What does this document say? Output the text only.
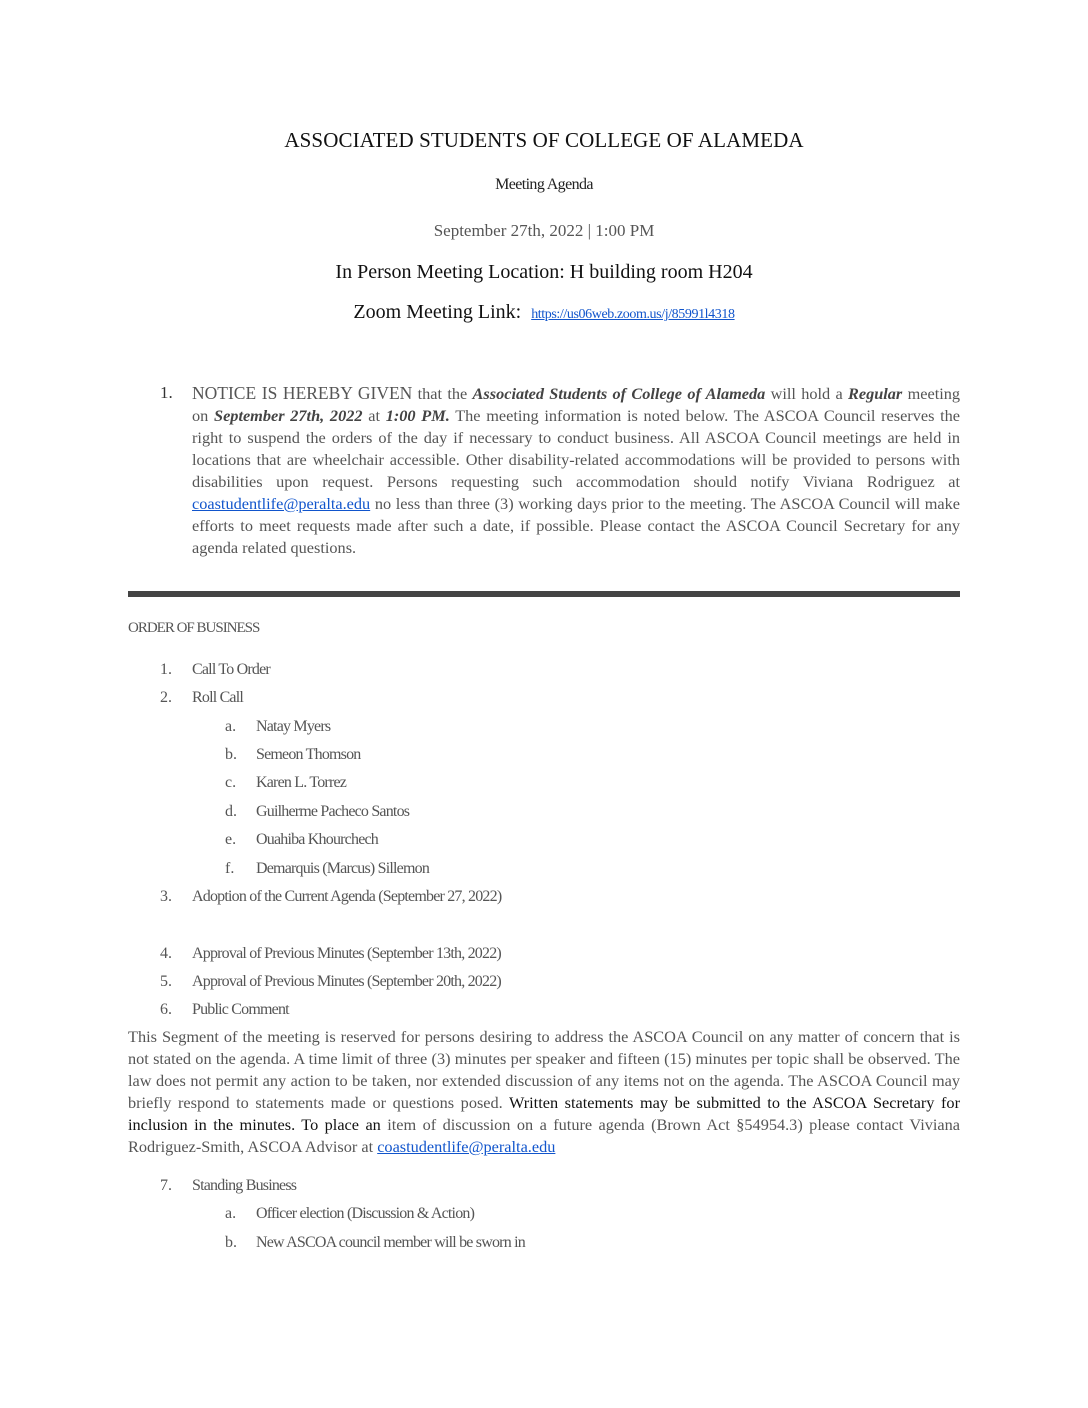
ASSOCIATED STUDENTS OF COLLEGE OF ALAMEDA
Meeting Agenda
September 27th, 2022 | 1:00 PM
In Person Meeting Location: H building room H204
Zoom Meeting Link: https://us06web.zoom.us/j/85991l4318
1. NOTICE IS HEREBY GIVEN that the Associated Students of College of Alameda will hold a Regular meeting on September 27th, 2022 at 1:00 PM. The meeting information is noted below. The ASCOA Council reserves the right to suspend the orders of the day if necessary to conduct business. All ASCOA Council meetings are held in locations that are wheelchair accessible. Other disability-related accommodations will be provided to persons with disabilities upon request. Persons requesting such accommodation should notify Viviana Rodriguez at coastudentlife@peralta.edu no less than three (3) working days prior to the meeting. The ASCOA Council will make efforts to meet requests made after such a date, if possible. Please contact the ASCOA Council Secretary for any agenda related questions.

ORDER OF BUSINESS
1. Call To Order
2. Roll Call
a. Natay Myers
b. Semeon Thomson
c. Karen L. Torrez
d. Guilherme Pacheco Santos
e. Ouahiba Khourchech
f. Demarquis (Marcus) Sillemon
3. Adoption of the Current Agenda (September 27, 2022)
4. Approval of Previous Minutes (September 13th, 2022)
5. Approval of Previous Minutes (September 20th, 2022)
6. Public Comment

This Segment of the meeting is reserved for persons desiring to address the ASCOA Council on any matter of concern that is not stated on the agenda. A time limit of three (3) minutes per speaker and fifteen (15) minutes per topic shall be observed. The law does not permit any action to be taken, nor extended discussion of any items not on the agenda. The ASCOA Council may briefly respond to statements made or questions posed. Written statements may be submitted to the ASCOA Secretary for inclusion in the minutes. To place an item of discussion on a future agenda (Brown Act §54954.3) please contact Viviana Rodriguez-Smith, ASCOA Advisor at coastudentlife@peralta.edu

7. Standing Business
a. Officer election (Discussion & Action)
b. New ASCOA council member will be sworn in
